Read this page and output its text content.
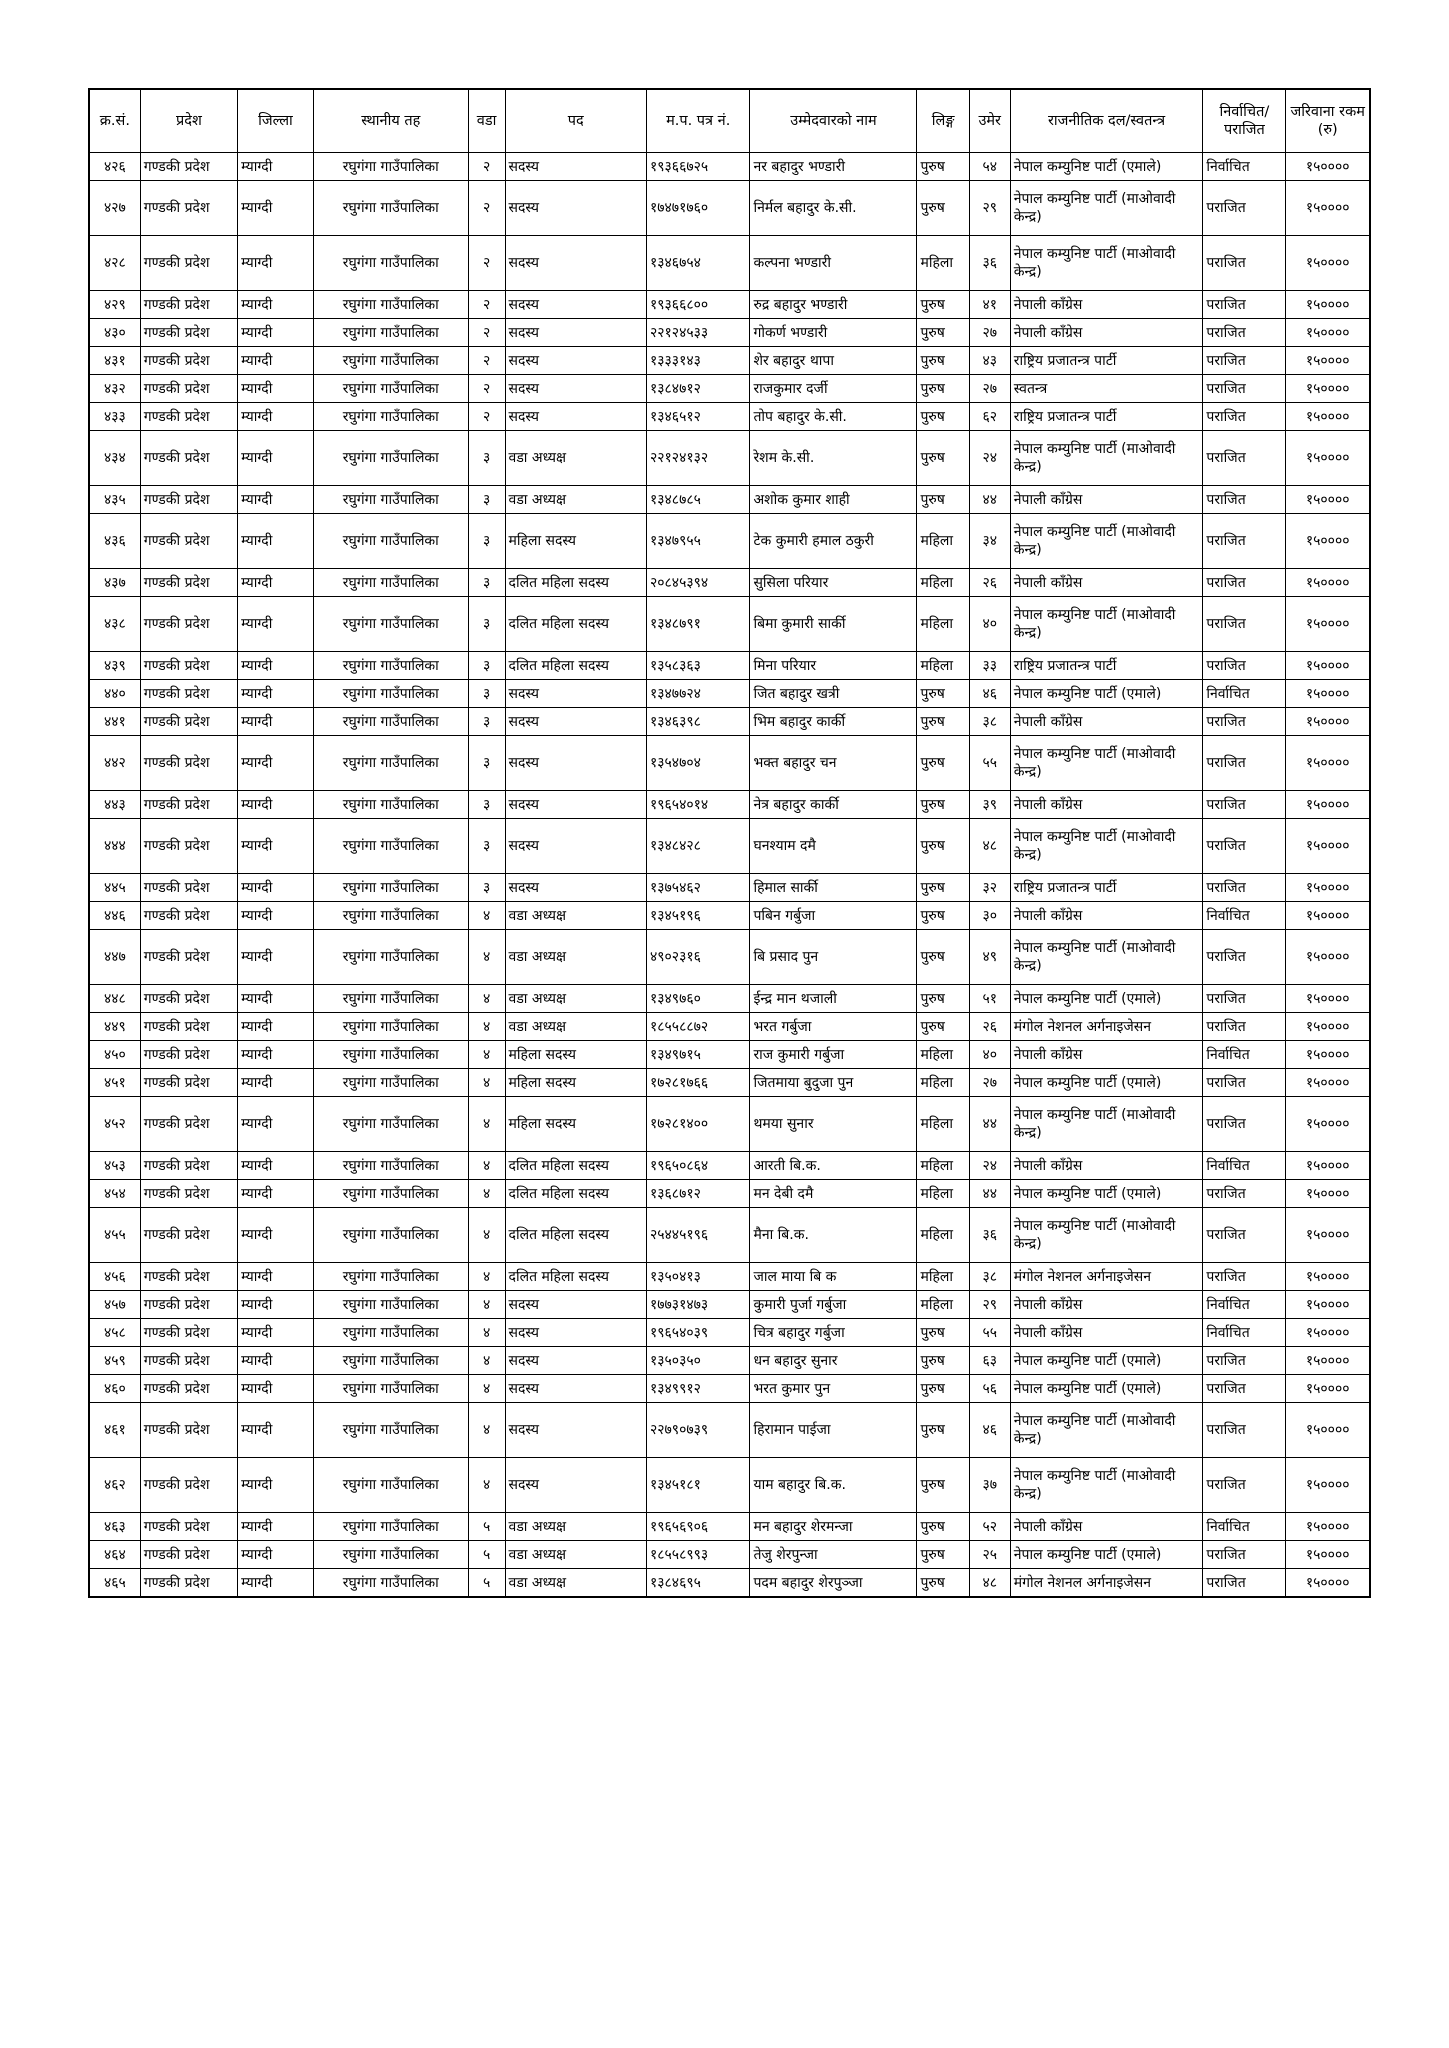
क्र.सं.	प्रदेश	जिल्ला	स्थानीय तह	वडा	पद	म.प. पत्र नं.	उम्मेदवारको नाम	लिङ्ग	उमेर	राजनीतिक दल/स्वतन्त्र	निर्वाचित/ पराजित	जरिवाना रकम (रु)
४२६	गण्डकी प्रदेश	म्याग्दी	रघुगंगा गाउँपालिका	२	सदस्य	१९३६६७२५	नर बहादुर भण्डारी	पुरुष	५४	नेपाल कम्युनिष्ट पार्टी (एमाले)	निर्वाचित	१५००००
४२७	गण्डकी प्रदेश	म्याग्दी	रघुगंगा गाउँपालिका	२	सदस्य	१७४७१७६०	निर्मल बहादुर के.सी.	पुरुष	२९	नेपाल कम्युनिष्ट पार्टी (माओवादी केन्द्र)	पराजित	१५००००
४२८	गण्डकी प्रदेश	म्याग्दी	रघुगंगा गाउँपालिका	२	सदस्य	१३४६७५४	कल्पना भण्डारी	महिला	३६	नेपाल कम्युनिष्ट पार्टी (माओवादी केन्द्र)	पराजित	१५००००
४२९	गण्डकी प्रदेश	म्याग्दी	रघुगंगा गाउँपालिका	२	सदस्य	१९३६६८००	रुद्र बहादुर भण्डारी	पुरुष	४१	नेपाली काँग्रेस	पराजित	१५००००
४३०	गण्डकी प्रदेश	म्याग्दी	रघुगंगा गाउँपालिका	२	सदस्य	२२१२४५३३	गोकर्ण भण्डारी	पुरुष	२७	नेपाली काँग्रेस	पराजित	१५००००
४३१	गण्डकी प्रदेश	म्याग्दी	रघुगंगा गाउँपालिका	२	सदस्य	१३३३१४३	शेर बहादुर थापा	पुरुष	४३	राष्ट्रिय प्रजातन्त्र पार्टी	पराजित	१५००००
४३२	गण्डकी प्रदेश	म्याग्दी	रघुगंगा गाउँपालिका	२	सदस्य	१३८४७१२	राजकुमार दर्जी	पुरुष	२७	स्वतन्त्र	पराजित	१५००००
४३३	गण्डकी प्रदेश	म्याग्दी	रघुगंगा गाउँपालिका	२	सदस्य	१३४६५१२	तोप बहादुर के.सी.	पुरुष	६२	राष्ट्रिय प्रजातन्त्र पार्टी	पराजित	१५००००
४३४	गण्डकी प्रदेश	म्याग्दी	रघुगंगा गाउँपालिका	३	वडा अध्यक्ष	२२१२४१३२	रेशम के.सी.	पुरुष	२४	नेपाल कम्युनिष्ट पार्टी (माओवादी केन्द्र)	पराजित	१५००००
४३५	गण्डकी प्रदेश	म्याग्दी	रघुगंगा गाउँपालिका	३	वडा अध्यक्ष	१३४८७८५	अशोक कुमार शाही	पुरुष	४४	नेपाली काँग्रेस	पराजित	१५००००
४३६	गण्डकी प्रदेश	म्याग्दी	रघुगंगा गाउँपालिका	३	महिला सदस्य	१३४७९५५	टेक कुमारी हमाल ठकुरी	महिला	३४	नेपाल कम्युनिष्ट पार्टी (माओवादी केन्द्र)	पराजित	१५००००
४३७	गण्डकी प्रदेश	म्याग्दी	रघुगंगा गाउँपालिका	३	दलित महिला सदस्य	२०८४५३९४	सुसिला परियार	महिला	२६	नेपाली काँग्रेस	पराजित	१५००००
४३८	गण्डकी प्रदेश	म्याग्दी	रघुगंगा गाउँपालिका	३	दलित महिला सदस्य	१३४८७९१	बिमा कुमारी सार्की	महिला	४०	नेपाल कम्युनिष्ट पार्टी (माओवादी केन्द्र)	पराजित	१५००००
४३९	गण्डकी प्रदेश	म्याग्दी	रघुगंगा गाउँपालिका	३	दलित महिला सदस्य	१३५८३६३	मिना परियार	महिला	३३	राष्ट्रिय प्रजातन्त्र पार्टी	पराजित	१५००००
४४०	गण्डकी प्रदेश	म्याग्दी	रघुगंगा गाउँपालिका	३	सदस्य	१३४७७२४	जित बहादुर खत्री	पुरुष	४६	नेपाल कम्युनिष्ट पार्टी (एमाले)	निर्वाचित	१५००००
४४१	गण्डकी प्रदेश	म्याग्दी	रघुगंगा गाउँपालिका	३	सदस्य	१३४६३९८	भिम बहादुर कार्की	पुरुष	३८	नेपाली काँग्रेस	पराजित	१५००००
४४२	गण्डकी प्रदेश	म्याग्दी	रघुगंगा गाउँपालिका	३	सदस्य	१३५४७०४	भक्त बहादुर चन	पुरुष	५५	नेपाल कम्युनिष्ट पार्टी (माओवादी केन्द्र)	पराजित	१५००००
४४३	गण्डकी प्रदेश	म्याग्दी	रघुगंगा गाउँपालिका	३	सदस्य	१९६५४०१४	नेत्र बहादुर कार्की	पुरुष	३९	नेपाली काँग्रेस	पराजित	१५००००
४४४	गण्डकी प्रदेश	म्याग्दी	रघुगंगा गाउँपालिका	३	सदस्य	१३४८४२८	घनश्याम दमै	पुरुष	४८	नेपाल कम्युनिष्ट पार्टी (माओवादी केन्द्र)	पराजित	१५००००
४४५	गण्डकी प्रदेश	म्याग्दी	रघुगंगा गाउँपालिका	३	सदस्य	१३७५४६२	हिमाल सार्की	पुरुष	३२	राष्ट्रिय प्रजातन्त्र पार्टी	पराजित	१५००००
४४६	गण्डकी प्रदेश	म्याग्दी	रघुगंगा गाउँपालिका	४	वडा अध्यक्ष	१३४५१९६	पबिन गर्बुजा	पुरुष	३०	नेपाली काँग्रेस	निर्वाचित	१५००००
४४७	गण्डकी प्रदेश	म्याग्दी	रघुगंगा गाउँपालिका	४	वडा अध्यक्ष	४९०२३१६	बि प्रसाद पुन	पुरुष	४९	नेपाल कम्युनिष्ट पार्टी (माओवादी केन्द्र)	पराजित	१५००००
४४८	गण्डकी प्रदेश	म्याग्दी	रघुगंगा गाउँपालिका	४	वडा अध्यक्ष	१३४९७६०	ईन्द्र मान थजाली	पुरुष	५१	नेपाल कम्युनिष्ट पार्टी (एमाले)	पराजित	१५००००
४४९	गण्डकी प्रदेश	म्याग्दी	रघुगंगा गाउँपालिका	४	वडा अध्यक्ष	१८५५८८७२	भरत गर्बुजा	पुरुष	२६	मंगोल नेशनल अर्गनाइजेसन	पराजित	१५००००
४५०	गण्डकी प्रदेश	म्याग्दी	रघुगंगा गाउँपालिका	४	महिला सदस्य	१३४९७१५	राज कुमारी गर्बुजा	महिला	४०	नेपाली काँग्रेस	निर्वाचित	१५००००
४५१	गण्डकी प्रदेश	म्याग्दी	रघुगंगा गाउँपालिका	४	महिला सदस्य	१७२८१७६६	जितमाया बुदुजा पुन	महिला	२७	नेपाल कम्युनिष्ट पार्टी (एमाले)	पराजित	१५००००
४५२	गण्डकी प्रदेश	म्याग्दी	रघुगंगा गाउँपालिका	४	महिला सदस्य	१७२८१४००	थमया सुनार	महिला	४४	नेपाल कम्युनिष्ट पार्टी (माओवादी केन्द्र)	पराजित	१५००००
४५३	गण्डकी प्रदेश	म्याग्दी	रघुगंगा गाउँपालिका	४	दलित महिला सदस्य	१९६५०८६४	आरती बि.क.	महिला	२४	नेपाली काँग्रेस	निर्वाचित	१५००००
४५४	गण्डकी प्रदेश	म्याग्दी	रघुगंगा गाउँपालिका	४	दलित महिला सदस्य	१३६८७१२	मन देबी दमै	महिला	४४	नेपाल कम्युनिष्ट पार्टी (एमाले)	पराजित	१५००००
४५५	गण्डकी प्रदेश	म्याग्दी	रघुगंगा गाउँपालिका	४	दलित महिला सदस्य	२५४४५१९६	मैना बि.क.	महिला	३६	नेपाल कम्युनिष्ट पार्टी (माओवादी केन्द्र)	पराजित	१५००००
४५६	गण्डकी प्रदेश	म्याग्दी	रघुगंगा गाउँपालिका	४	दलित महिला सदस्य	१३५०४१३	जाल माया बि क	महिला	३८	मंगोल नेशनल अर्गनाइजेसन	पराजित	१५००००
४५७	गण्डकी प्रदेश	म्याग्दी	रघुगंगा गाउँपालिका	४	सदस्य	१७७३१४७३	कुमारी पुर्जा गर्बुजा	महिला	२९	नेपाली काँग्रेस	निर्वाचित	१५००००
४५८	गण्डकी प्रदेश	म्याग्दी	रघुगंगा गाउँपालिका	४	सदस्य	१९६५४०३९	चित्र बहादुर गर्बुजा	पुरुष	५५	नेपाली काँग्रेस	निर्वाचित	१५००००
४५९	गण्डकी प्रदेश	म्याग्दी	रघुगंगा गाउँपालिका	४	सदस्य	१३५०३५०	धन बहादुर सुनार	पुरुष	६३	नेपाल कम्युनिष्ट पार्टी (एमाले)	पराजित	१५००००
४६०	गण्डकी प्रदेश	म्याग्दी	रघुगंगा गाउँपालिका	४	सदस्य	१३४९९१२	भरत कुमार पुन	पुरुष	५६	नेपाल कम्युनिष्ट पार्टी (एमाले)	पराजित	१५००००
४६१	गण्डकी प्रदेश	म्याग्दी	रघुगंगा गाउँपालिका	४	सदस्य	२२७९०७३९	हिरामान पाईजा	पुरुष	४६	नेपाल कम्युनिष्ट पार्टी (माओवादी केन्द्र)	पराजित	१५००००
४६२	गण्डकी प्रदेश	म्याग्दी	रघुगंगा गाउँपालिका	४	सदस्य	१३४५१८१	याम बहादुर बि.क.	पुरुष	३७	नेपाल कम्युनिष्ट पार्टी (माओवादी केन्द्र)	पराजित	१५००००
४६३	गण्डकी प्रदेश	म्याग्दी	रघुगंगा गाउँपालिका	५	वडा अध्यक्ष	१९६५६९०६	मन बहादुर शेरमन्जा	पुरुष	५२	नेपाली काँग्रेस	निर्वाचित	१५००००
४६४	गण्डकी प्रदेश	म्याग्दी	रघुगंगा गाउँपालिका	५	वडा अध्यक्ष	१८५५८९९३	तेजु शेरपुन्जा	पुरुष	२५	नेपाल कम्युनिष्ट पार्टी (एमाले)	पराजित	१५००००
४६५	गण्डकी प्रदेश	म्याग्दी	रघुगंगा गाउँपालिका	५	वडा अध्यक्ष	१३८४६९५	पदम बहादुर शेरपुञ्जा	पुरुष	४८	मंगोल नेशनल अर्गनाइजेसन	पराजित	१५००००
